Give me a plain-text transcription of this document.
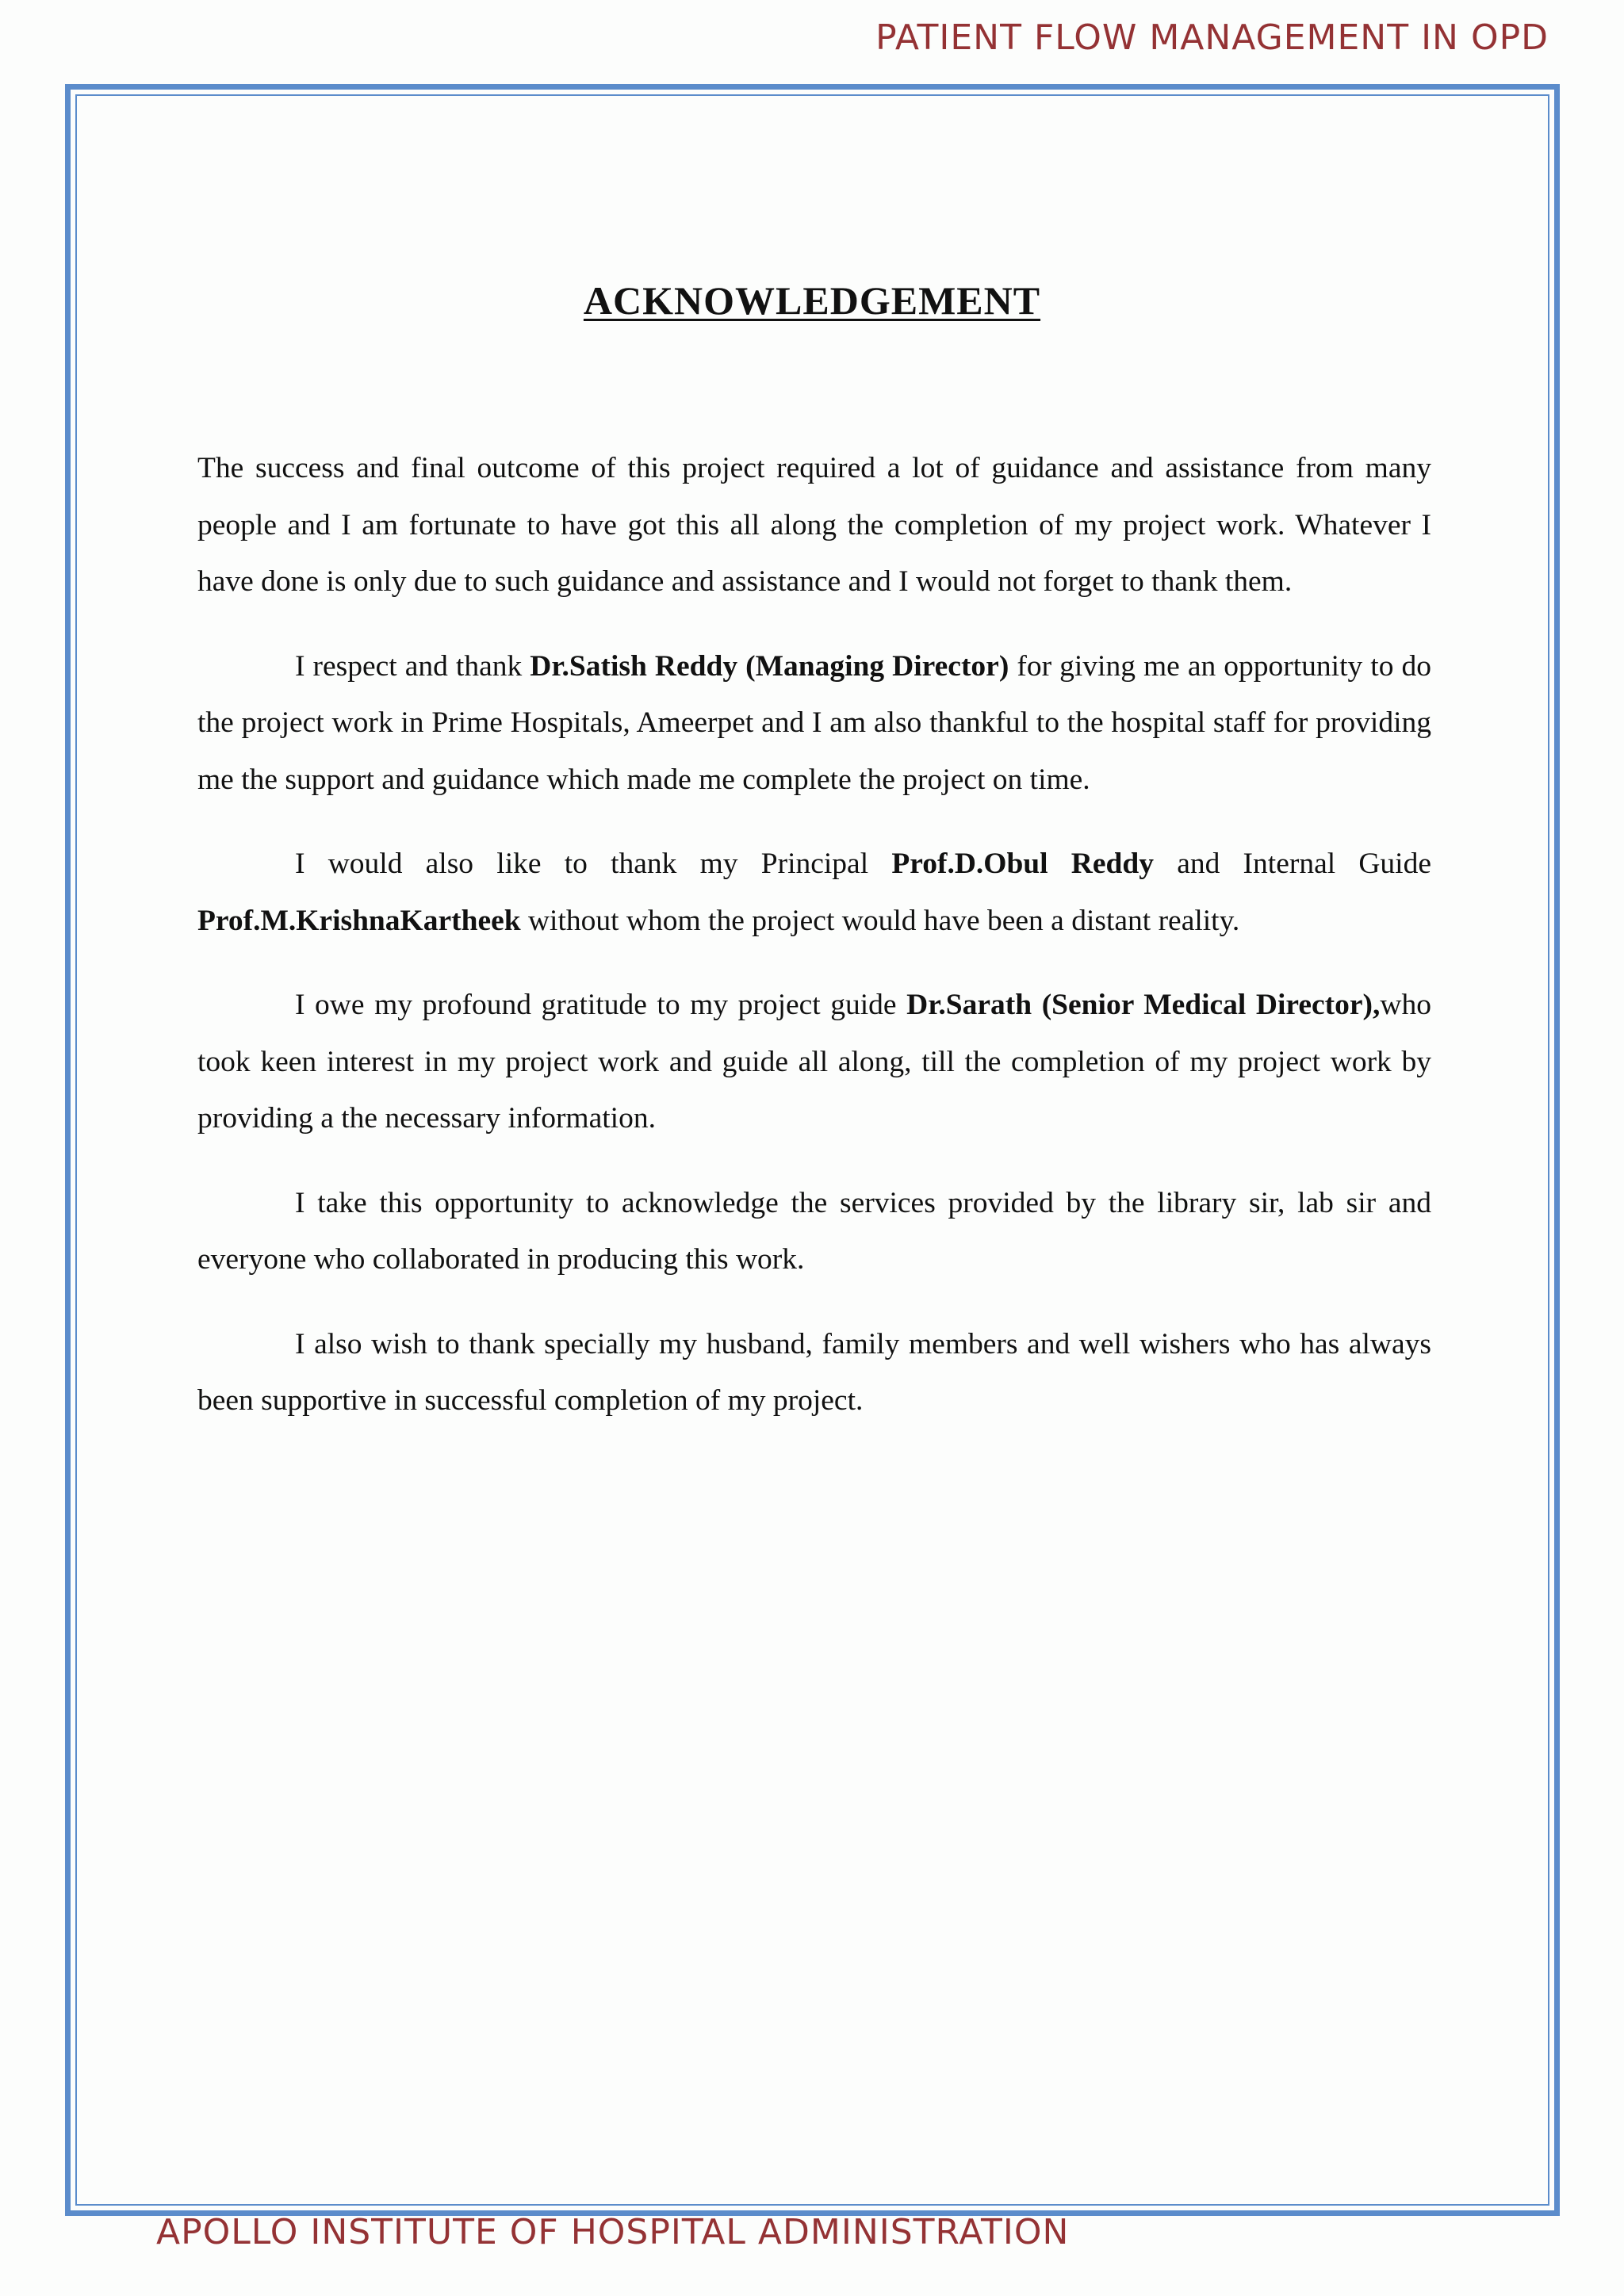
PATIENT FLOW MANAGEMENT IN OPD
ACKNOWLEDGEMENT

The success and final outcome of this project required a lot of guidance and assistance from many people and I am fortunate to have got this all along the completion of my project work. Whatever I have done is only due to such guidance and assistance and I would not forget to thank them.

I respect and thank Dr.Satish Reddy (Managing Director) for giving me an opportunity to do the project work in Prime Hospitals, Ameerpet and I am also thankful to the hospital staff for providing me the support and guidance which made me complete the project on time.

I would also like to thank my Principal Prof.D.Obul Reddy and Internal Guide Prof.M.KrishnaKartheek without whom the project would have been a distant reality.

I owe my profound gratitude to my project guide Dr.Sarath (Senior Medical Director),who took keen interest in my project work and guide all along, till the completion of my project work by providing a the necessary information.

I take this opportunity to acknowledge the services provided by the library sir, lab sir and everyone who collaborated in producing this work.

I also wish to thank specially my husband, family members and well wishers who has always been supportive in successful completion of my project.

APOLLO INSTITUTE OF HOSPITAL ADMINISTRATION
